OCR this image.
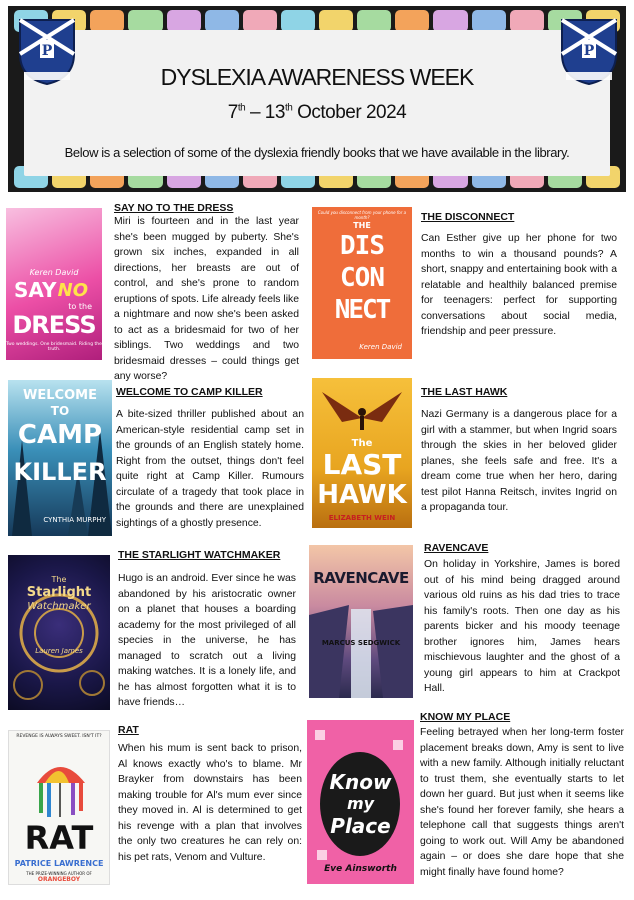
P	P
DYSLEXIA AWARENESS WEEK
7th – 13th October 2024
Below is a selection of some of the dyslexia friendly books that we have available in the library.
Keren David
SAY NO
to the
DRESS
Two weddings. One bridesmaid. Riding the truth.
SAY NO TO THE DRESS
Miri is fourteen and in the last year she's been mugged by puberty. She's grown six inches, expanded in all directions, her breasts are out of control, and she's prone to random eruptions of spots. Life already feels like a nightmare and now she's been asked to act as a bridesmaid for two of her siblings. Two weddings and two bridesmaid dresses – could things get any worse?
Could you disconnect from your phone for a month?
THE
DIS
CON
NECT
Keren David
THE DISCONNECT
Can Esther give up her phone for two months to win a thousand pounds? A short, snappy and entertaining book with a relatable and healthily balanced premise for teenagers: perfect for supporting conversations about social media, friendship and peer pressure.
WELCOME
TO
CAMP
KILLER
CYNTHIA MURPHY
WELCOME TO CAMP KILLER
A bite-sized thriller published about an American-style residential camp set in the grounds of an English stately home. Right from the outset, things don't feel quite right at Camp Killer. Rumours circulate of a tragedy that took place in the grounds and there are unexplained sightings of a ghostly presence.
The
LAST
HAWK
ELIZABETH WEIN
THE LAST HAWK
Nazi Germany is a dangerous place for a girl with a stammer, but when Ingrid soars through the skies in her beloved glider planes, she feels safe and free. It's a dream come true when her hero, daring test pilot Hanna Reitsch, invites Ingrid on a propaganda tour.
The
Starlight
Watchmaker
Lauren James
THE STARLIGHT WATCHMAKER
Hugo is an android. Ever since he was abandoned by his aristocratic owner on a planet that houses a boarding academy for the most privileged of all species in the universe, he has managed to scratch out a living making watches. It is a lonely life, and he has almost forgotten what it is to have friends…
RAVENCAVE
MARCUS SEDGWICK
RAVENCAVE
On holiday in Yorkshire, James is bored out of his mind being dragged around various old ruins as his dad tries to trace his family's roots. Then one day as his parents bicker and his moody teenage brother ignores him, James hears mischievous laughter and the ghost of a young girl appears to him at Crackpot Hall.
REVENGE IS ALWAYS SWEET. ISN'T IT?
RAT
PATRICE LAWRENCE
THE PRIZE-WINNING AUTHOR OF
ORANGEBOY
RAT
When his mum is sent back to prison, Al knows exactly who's to blame. Mr Brayker from downstairs has been making trouble for Al's mum ever since they moved in. Al is determined to get his revenge with a plan that involves the only two creatures he can rely on: his pet rats, Venom and Vulture.
Know
my
Place
Eve Ainsworth
KNOW MY PLACE
Feeling betrayed when her long-term foster placement breaks down, Amy is sent to live with a new family. Although initially reluctant to trust them, she eventually starts to let down her guard. But just when it seems like she's found her forever family, she hears a telephone call that suggests things aren't going to work out. Will Amy be abandoned again – or does she dare hope that she might finally have found home?
